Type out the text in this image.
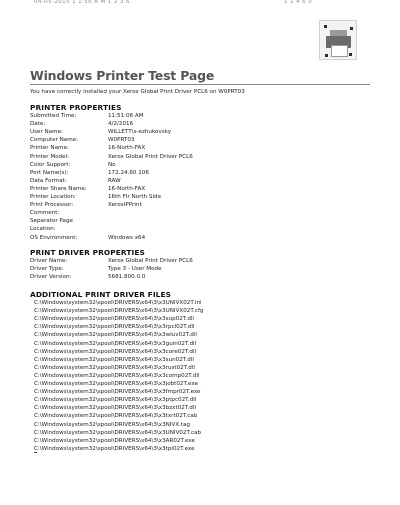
04-05-2015 1 1:56 A M 1 2 3 6	1 1 4 6 0
Windows Printer Test Page
You have correctly installed your Xerox Global Print Driver PCL6 on W0PRT03
PRINTER PROPERTIES
Submitted Time:	11:51:06 AM
Date:	4/2/2016
User Name:	WILLETT\s-ezhukovsky
Computer Name:	W0PRT03
Printer Name:	16-North-FAX
Printer Model:	Xerox Global Print Driver PCL6
Color Support:	No
Port Name(s):	172.24.60.106
Data Format:	RAW
Printer Share Name:	16-North-FAX
Printer Location:	16th Flr North Side
Print Processor:	XeroxIPPrint
Comment:
Separator Page
Location:
OS Environment:	Windows x64
PRINT DRIVER PROPERTIES
Driver Name:	Xerox Global Print Driver PCL6
Driver Type:	Type 3 - User Mode
Driver Version:	5681.800.0.0
ADDITIONAL PRINT DRIVER FILES
C:\Windows\system32\spool\DRIVERS\x64\3\x3UNIVX02T.ini
C:\Windows\system32\spool\DRIVERS\x64\3\x3UNIVX02T.cfg
C:\Windows\system32\spool\DRIVERS\x64\3\x3sup02T.dll
C:\Windows\system32\spool\DRIVERS\x64\3\x3rpcl02T.dll
C:\Windows\system32\spool\DRIVERS\x64\3\x3wluv02T.dll
C:\Windows\system32\spool\DRIVERS\x64\3\x3guin02T.dll
C:\Windows\system32\spool\DRIVERS\x64\3\x3core02T.dll
C:\Windows\system32\spool\DRIVERS\x64\3\x3sun02T.dll
C:\Windows\system32\spool\DRIVERS\x64\3\x3rust02T.dll
C:\Windows\system32\spool\DRIVERS\x64\3\x3comp02T.dll
C:\Windows\system32\spool\DRIVERS\x64\3\x3jobt02T.exe
C:\Windows\system32\spool\DRIVERS\x64\3\x3fmpr02T.exe
C:\Windows\system32\spool\DRIVERS\x64\3\x3ptpc02T.dll
C:\Windows\system32\spool\DRIVERS\x64\3\x3bzxt02T.dll
C:\Windows\system32\spool\DRIVERS\x64\3\x3txrt02T.cab
C:\Windows\system32\spool\DRIVERS\x64\3\x3NIVX.tag
C:\Windows\system32\spool\DRIVERS\x64\3\x3UNIV02T.cab
C:\Windows\system32\spool\DRIVERS\x64\3\x3AR02T.exe
C:\Windows\system32\spool\DRIVERS\x64\3\x3tpi02T.exe
